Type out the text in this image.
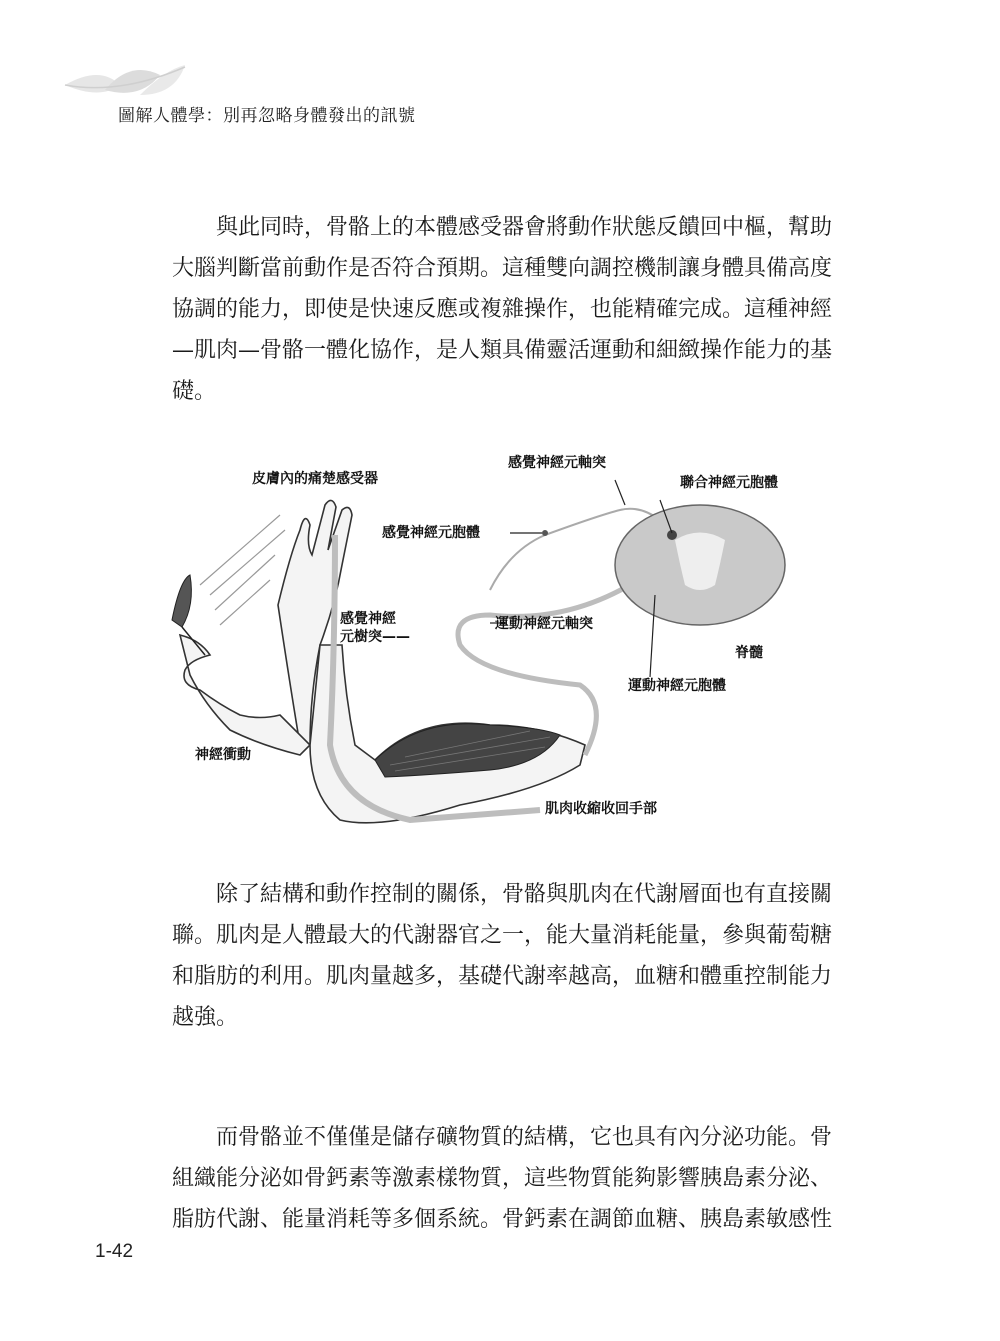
圖解人體學：別再忽略身體發出的訊號

與此同時，骨骼上的本體感受器會將動作狀態反饋回中樞，幫助大腦判斷當前動作是否符合預期。這種雙向調控機制讓身體具備高度協調的能力，即使是快速反應或複雜操作，也能精確完成。這種神經—肌肉—骨骼一體化協作，是人類具備靈活運動和細緻操作能力的基礎。

皮膚內的痛楚感受器
感覺神經元軸突
聯合神經元胞體
感覺神經元胞體
感覺神經
元樹突——
運動神經元軸突
脊髓
運動神經元胞體
神經衝動
肌肉收縮收回手部

除了結構和動作控制的關係，骨骼與肌肉在代謝層面也有直接關聯。肌肉是人體最大的代謝器官之一，能大量消耗能量，參與葡萄糖和脂肪的利用。肌肉量越多，基礎代謝率越高，血糖和體重控制能力越強。

而骨骼並不僅僅是儲存礦物質的結構，它也具有內分泌功能。骨組織能分泌如骨鈣素等激素樣物質，這些物質能夠影響胰島素分泌、脂肪代謝、能量消耗等多個系統。骨鈣素在調節血糖、胰島素敏感性

1-42
